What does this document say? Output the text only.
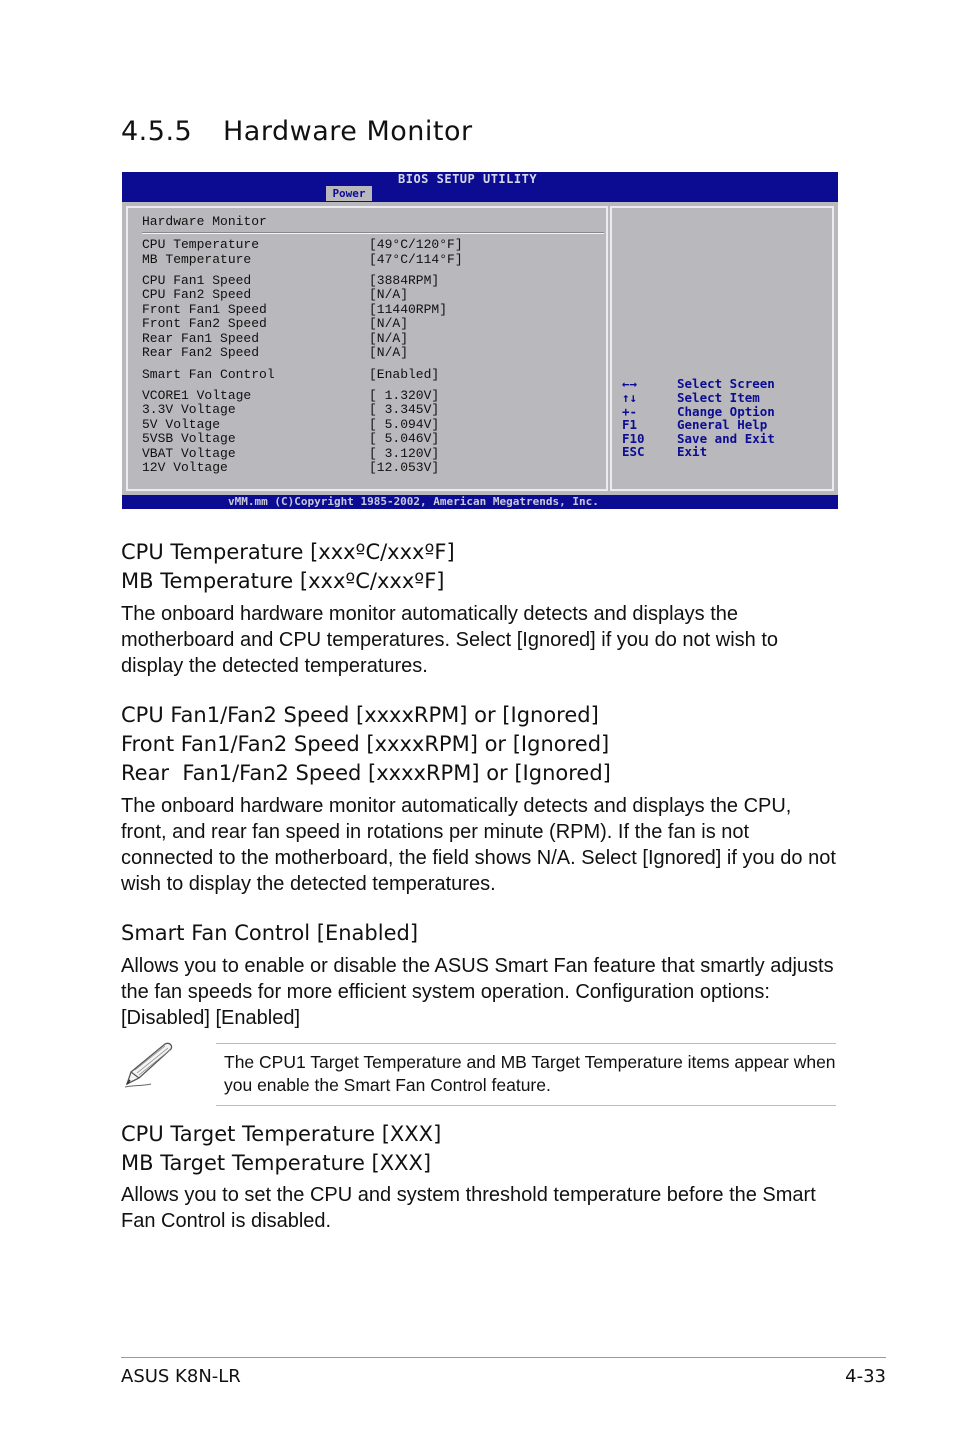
4.5.5 Hardware Monitor
BIOS SETUP UTILITY
Power
Hardware Monitor
CPU Temperature	[49°C/120°F]
MB Temperature	[47°C/114°F]
CPU Fan1 Speed	[3884RPM]
CPU Fan2 Speed	[N/A]
Front Fan1 Speed	[11440RPM]
Front Fan2 Speed	[N/A]
Rear Fan1 Speed	[N/A]
Rear Fan2 Speed	[N/A]
Smart Fan Control	[Enabled]
VCORE1 Voltage	[ 1.320V]
3.3V Voltage	[ 3.345V]
5V Voltage	[ 5.094V]
5VSB Voltage	[ 5.046V]
VBAT Voltage	[ 3.120V]
12V Voltage	[12.053V]
←→	Select Screen
↑↓	Select Item
+-	Change Option
F1	General Help
F10	Save and Exit
ESC	Exit
vMM.mm (C)Copyright 1985-2002, American Megatrends, Inc.
CPU Temperature [xxxºC/xxxºF]
MB Temperature [xxxºC/xxxºF]

The onboard hardware monitor automatically detects and displays the motherboard and CPU temperatures. Select [Ignored] if you do not wish to display the detected temperatures.

CPU Fan1/Fan2 Speed [xxxxRPM] or [Ignored]
Front Fan1/Fan2 Speed [xxxxRPM] or [Ignored]
Rear  Fan1/Fan2 Speed [xxxxRPM] or [Ignored]

The onboard hardware monitor automatically detects and displays the CPU, front, and rear fan speed in rotations per minute (RPM). If the fan is not connected to the motherboard, the field shows N/A. Select [Ignored] if you do not wish to display the detected temperatures.

Smart Fan Control [Enabled]

Allows you to enable or disable the ASUS Smart Fan feature that smartly adjusts the fan speeds for more efficient system operation. Configuration options: [Disabled] [Enabled]

The CPU1 Target Temperature and MB Target Temperature items appear when you enable the Smart Fan Control feature.
CPU Target Temperature [XXX]
MB Target Temperature [XXX]

Allows you to set the CPU and system threshold temperature before the Smart Fan Control is disabled.

ASUS K8N-LR	4-33
